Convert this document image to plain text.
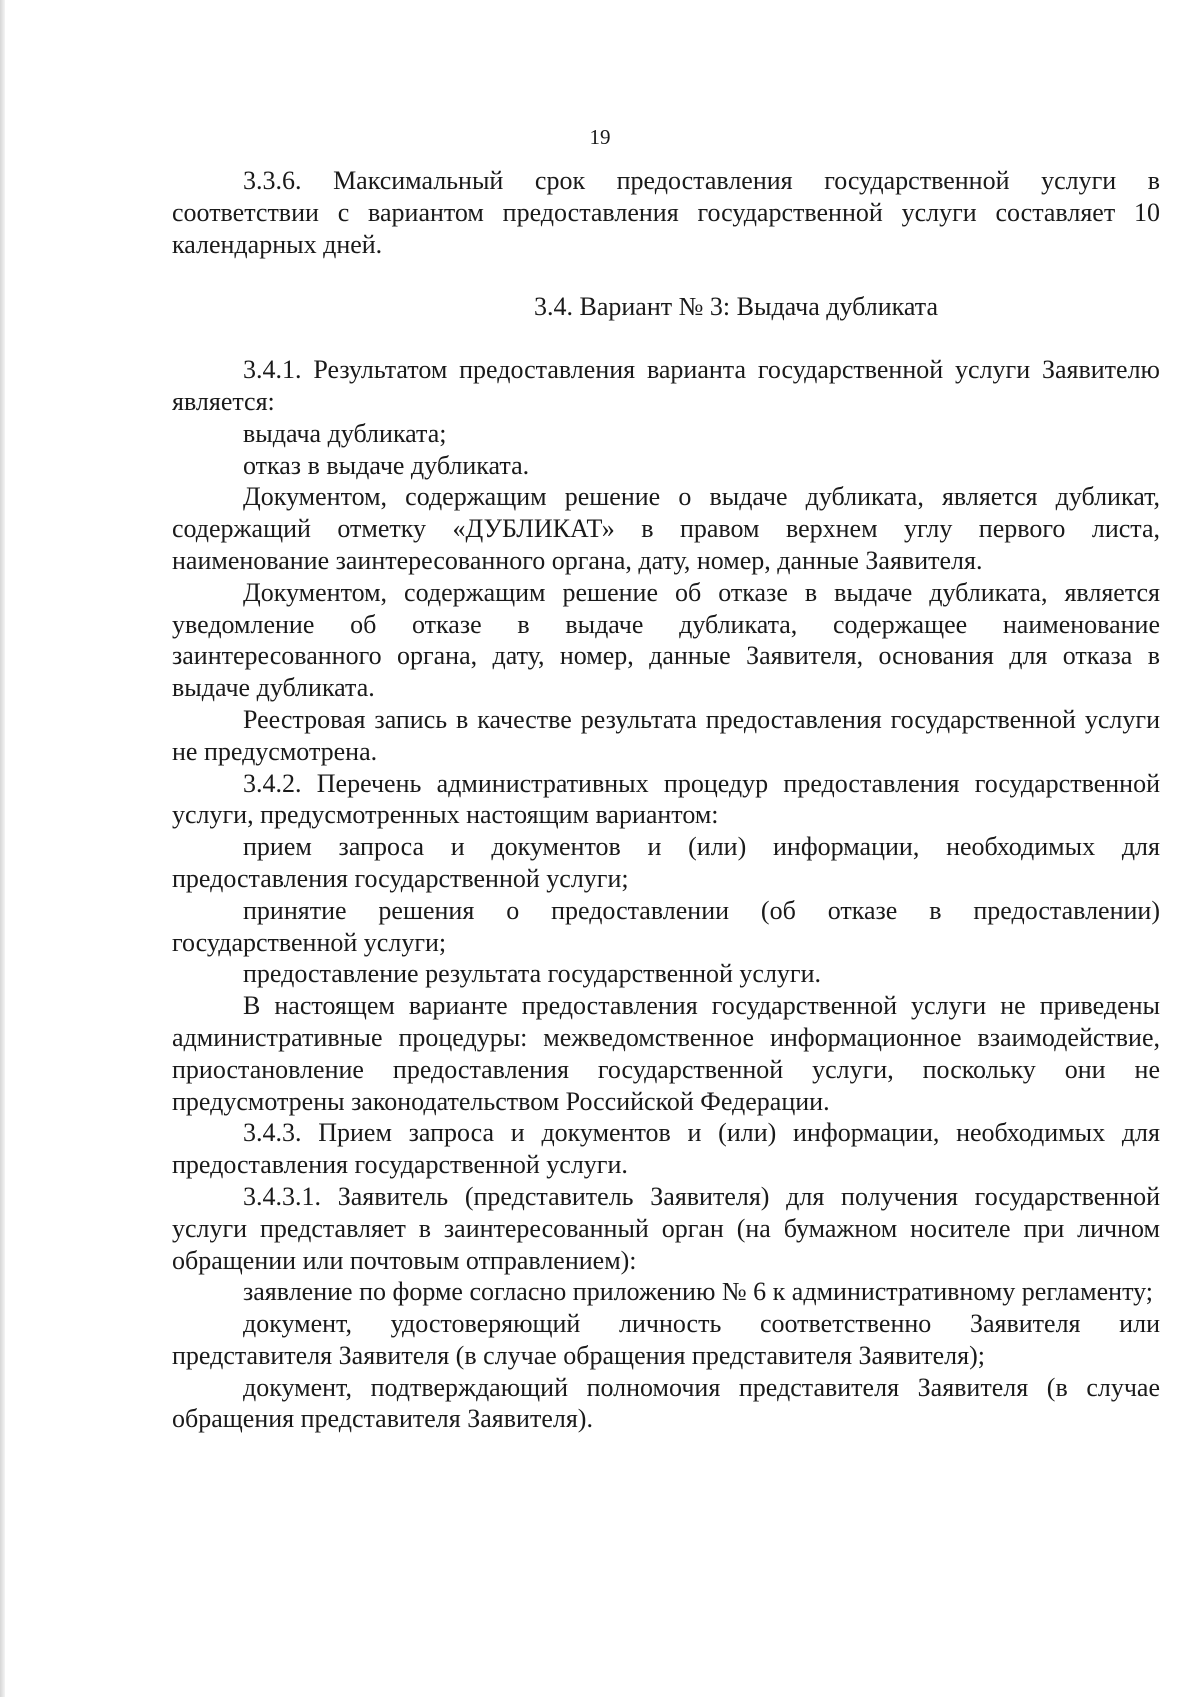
19

3.3.6. Максимальный срок предоставления государственной услуги в соответствии с вариантом предоставления государственной услуги составляет 10 календарных дней.

3.4. Вариант № 3: Выдача дубликата

3.4.1. Результатом предоставления варианта государственной услуги Заявителю является:

выдача дубликата;

отказ в выдаче дубликата.

Документом, содержащим решение о выдаче дубликата, является дубликат, содержащий отметку «ДУБЛИКАТ» в правом верхнем углу первого листа, наименование заинтересованного органа, дату, номер, данные Заявителя.

Документом, содержащим решение об отказе в выдаче дубликата, является уведомление об отказе в выдаче дубликата, содержащее наименование заинтересованного органа, дату, номер, данные Заявителя, основания для отказа в выдаче дубликата.

Реестровая запись в качестве результата предоставления государственной услуги не предусмотрена.

3.4.2. Перечень административных процедур предоставления государственной услуги, предусмотренных настоящим вариантом:

прием запроса и документов и (или) информации, необходимых для предоставления государственной услуги;

принятие решения о предоставлении (об отказе в предоставлении) государственной услуги;

предоставление результата государственной услуги.

В настоящем варианте предоставления государственной услуги не приведены административные процедуры: межведомственное информационное взаимодействие, приостановление предоставления государственной услуги, поскольку они не предусмотрены законодательством Российской Федерации.

3.4.3. Прием запроса и документов и (или) информации, необходимых для предоставления государственной услуги.

3.4.3.1. Заявитель (представитель Заявителя) для получения государственной услуги представляет в заинтересованный орган (на бумажном носителе при личном обращении или почтовым отправлением):

заявление по форме согласно приложению № 6 к административному регламенту;

документ, удостоверяющий личность соответственно Заявителя или представителя Заявителя (в случае обращения представителя Заявителя);

документ, подтверждающий полномочия представителя Заявителя (в случае обращения представителя Заявителя).
